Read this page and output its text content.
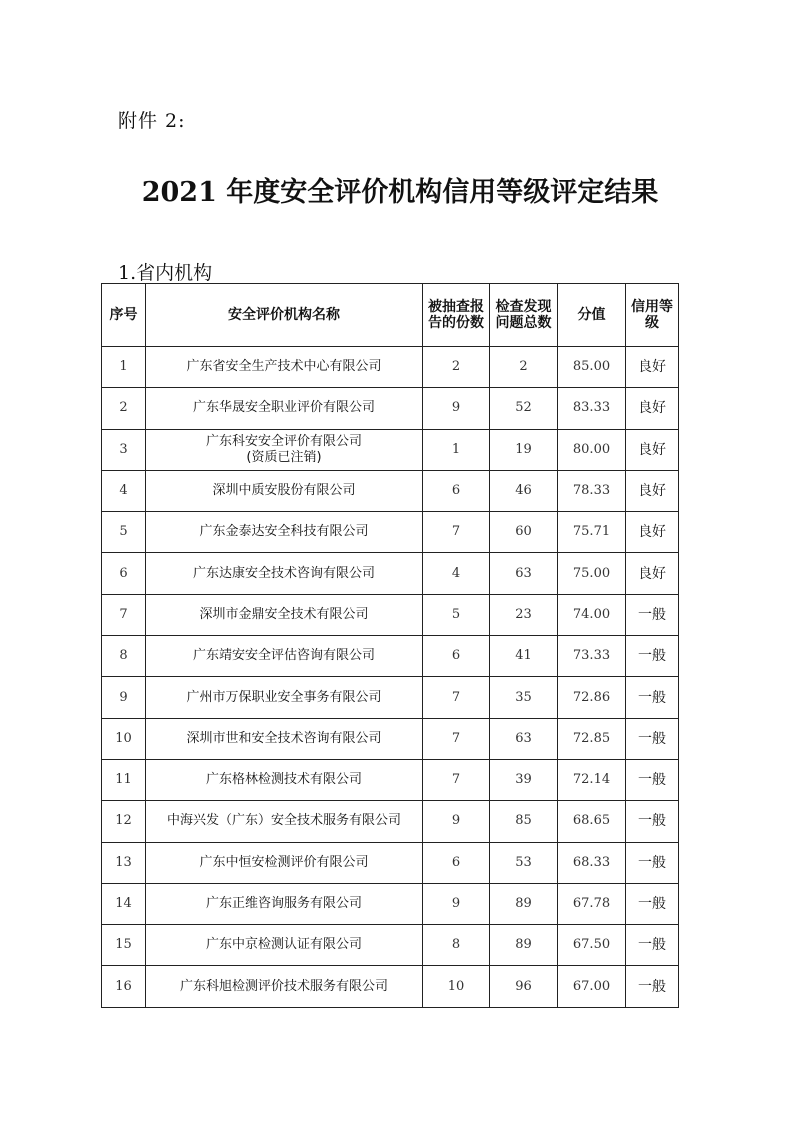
附件 2:
2021 年度安全评价机构信用等级评定结果
1.省内机构
序号	安全评价机构名称	被抽查报告的份数	检查发现问题总数	分值	信用等级
1	广东省安全生产技术中心有限公司	2	2	85.00	良好
2	广东华晟安全职业评价有限公司	9	52	83.33	良好
3	广东科安安全评价有限公司
(资质已注销)	1	19	80.00	良好
4	深圳中质安股份有限公司	6	46	78.33	良好
5	广东金泰达安全科技有限公司	7	60	75.71	良好
6	广东达康安全技术咨询有限公司	4	63	75.00	良好
7	深圳市金鼎安全技术有限公司	5	23	74.00	一般
8	广东靖安安全评估咨询有限公司	6	41	73.33	一般
9	广州市万保职业安全事务有限公司	7	35	72.86	一般
10	深圳市世和安全技术咨询有限公司	7	63	72.85	一般
11	广东格林检测技术有限公司	7	39	72.14	一般
12	中海兴发（广东）安全技术服务有限公司	9	85	68.65	一般
13	广东中恒安检测评价有限公司	6	53	68.33	一般
14	广东正维咨询服务有限公司	9	89	67.78	一般
15	广东中京检测认证有限公司	8	89	67.50	一般
16	广东科旭检测评价技术服务有限公司	10	96	67.00	一般
